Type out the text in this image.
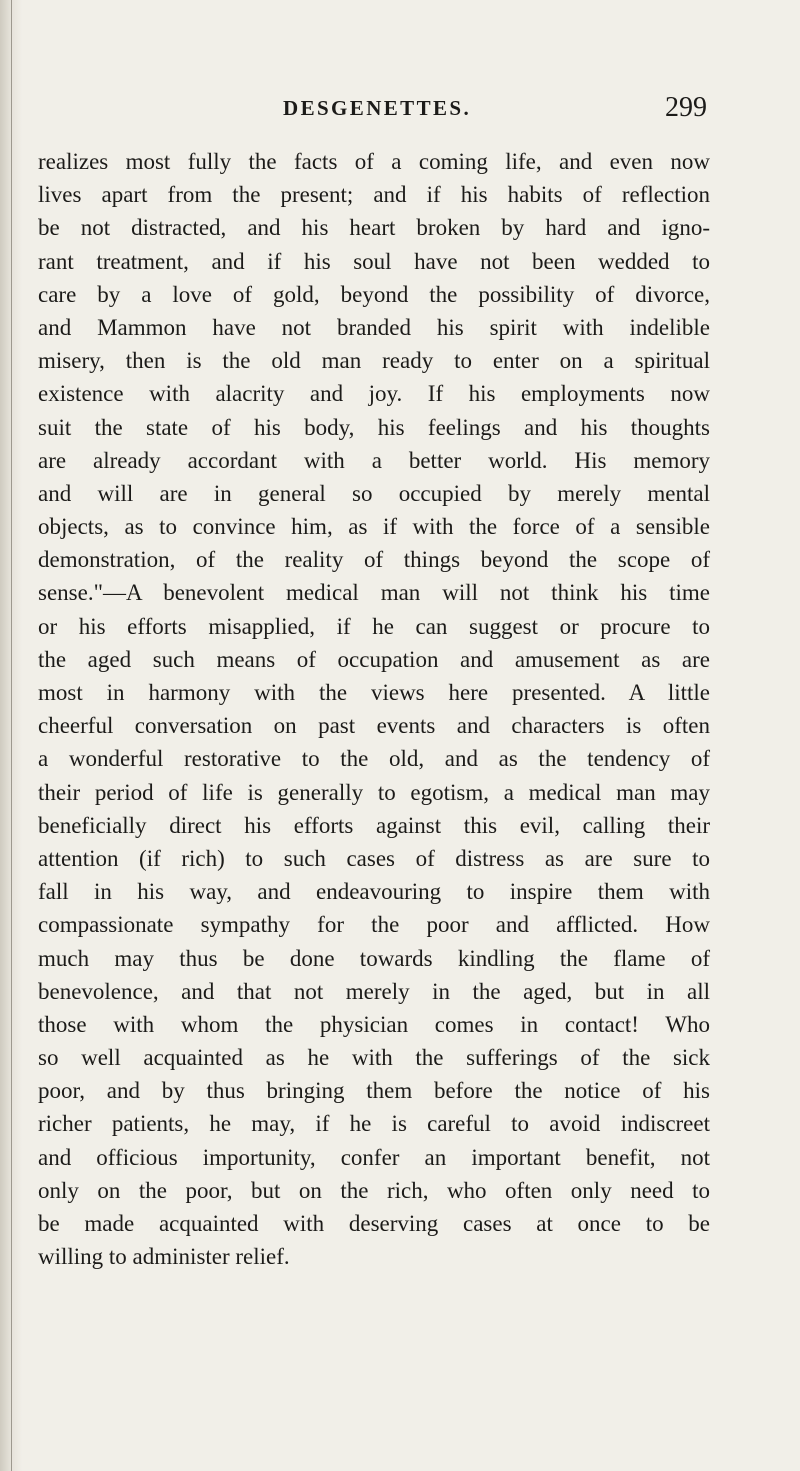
DESGENETTES.	299
realizes most fully the facts of a coming life, and even now
lives apart from the present; and if his habits of reflection
be not distracted, and his heart broken by hard and igno-
rant treatment, and if his soul have not been wedded to
care by a love of gold, beyond the possibility of divorce,
and Mammon have not branded his spirit with indelible
misery, then is the old man ready to enter on a spiritual
existence with alacrity and joy. If his employments now
suit the state of his body, his feelings and his thoughts
are already accordant with a better world. His memory
and will are in general so occupied by merely mental
objects, as to convince him, as if with the force of a sensible
demonstration, of the reality of things beyond the scope of
sense."—A benevolent medical man will not think his time
or his efforts misapplied, if he can suggest or procure to
the aged such means of occupation and amusement as are
most in harmony with the views here presented. A little
cheerful conversation on past events and characters is often
a wonderful restorative to the old, and as the tendency of
their period of life is generally to egotism, a medical man may
beneficially direct his efforts against this evil, calling their
attention (if rich) to such cases of distress as are sure to
fall in his way, and endeavouring to inspire them with
compassionate sympathy for the poor and afflicted. How
much may thus be done towards kindling the flame of
benevolence, and that not merely in the aged, but in all
those with whom the physician comes in contact! Who
so well acquainted as he with the sufferings of the sick
poor, and by thus bringing them before the notice of his
richer patients, he may, if he is careful to avoid indiscreet
and officious importunity, confer an important benefit, not
only on the poor, but on the rich, who often only need to
be made acquainted with deserving cases at once to be
willing to administer relief.
